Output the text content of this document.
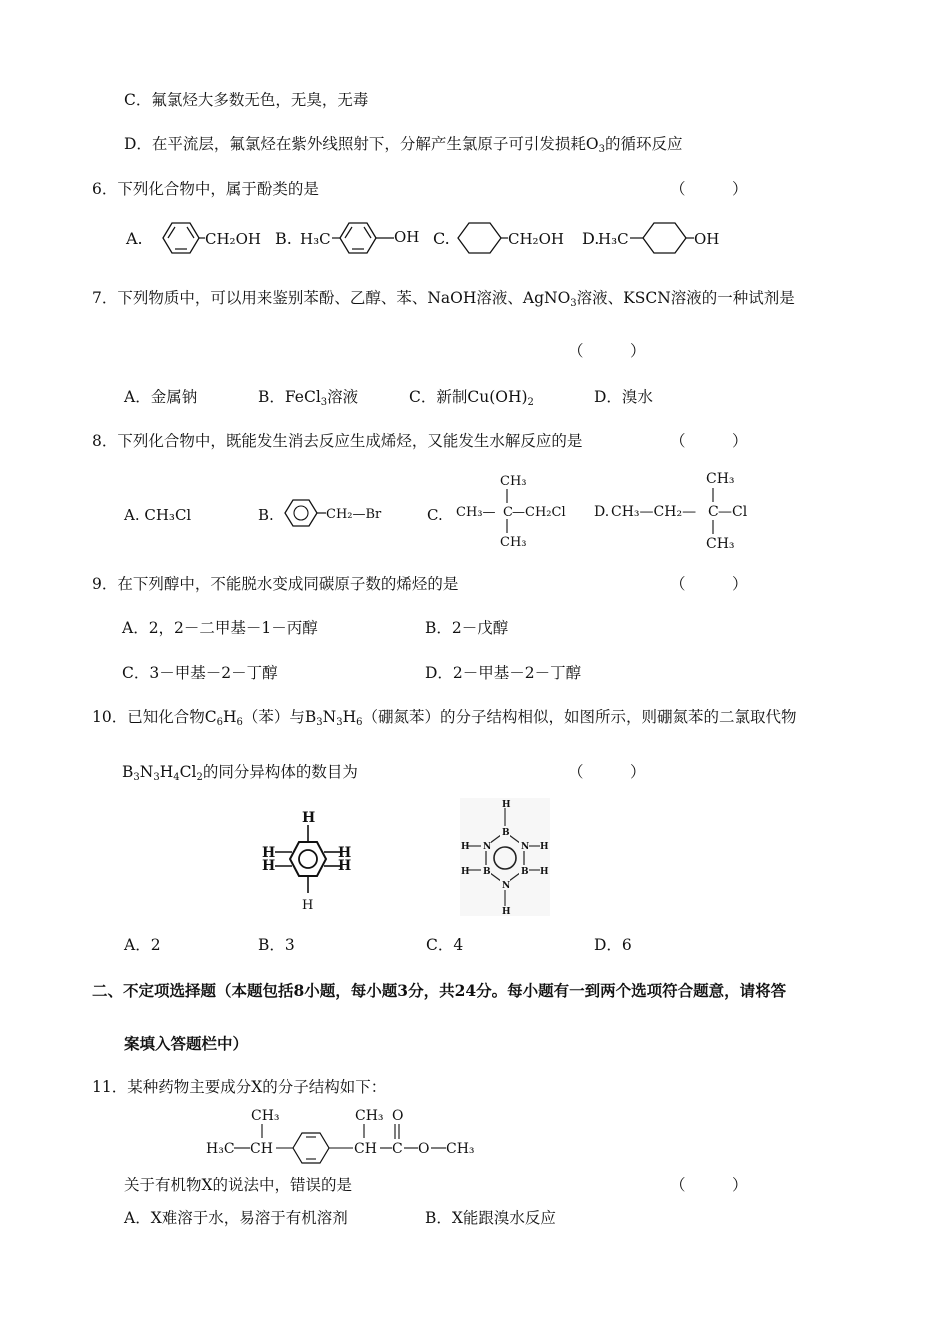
C．氟氯烃大多数无色，无臭，无毒
D．在平流层，氟氯烃在紫外线照射下，分解产生氯原子可引发损耗$O_3$的循环反应
6．下列化合物中，属于酚类的是	（　　　）
A.	CH₂OH B. H₃C	OH C.	CH₂OH D.
H₃C	OH
7．下列物质中，可以用来鉴别苯酚、乙醇、苯、NaOH溶液、AgNO$_3$溶液、KSCN溶液的一种试剂是
（　　　）
A．金属钠	B．FeCl$_3$溶液	C．新制$Cu(OH)_2$	D．溴水
8．下列化合物中，既能发生消去反应生成烯烃，又能发生水解反应的是	（　　　）
A. CH₃Cl	B.	CH₂—Br	C. CH₃— C —CH₂Cl
CH₃
CH₃
D. CH₃—CH₂— C —Cl
CH₃
CH₃
9．在下列醇中，不能脱水变成同碳原子数的烯烃的是	（　　　）
A．2，2－二甲基－1－丙醇	B．2－戊醇
C．3－甲基－2－丁醇	D．2－甲基－2－丁醇
10．已知化合物$C_6H_6$（苯）与$B_3N_3H_6$（硼氮苯）的分子结构相似，如图所示，则硼氮苯的二氯取代物
$B_3N_3H_4Cl_2$的同分异构体的数目为	（　　　）
H
H
H
H
H
H
H
B
N	N
B	B
N
H
H	H
H	H
A．2	B．3	C．4	D．6
二、不定项选择题（本题包括8小题，每小题3分，共24分。每小题有一到两个选项符合题意，请将答
案填入答题栏中）
11．某种药物主要成分X的分子结构如下：
CH₃
H₃C CH
CH₃
CH
O
C O CH₃
关于有机物X的说法中，错误的是	（　　　）
A．X难溶于水，易溶于有机溶剂	B．X能跟溴水反应
